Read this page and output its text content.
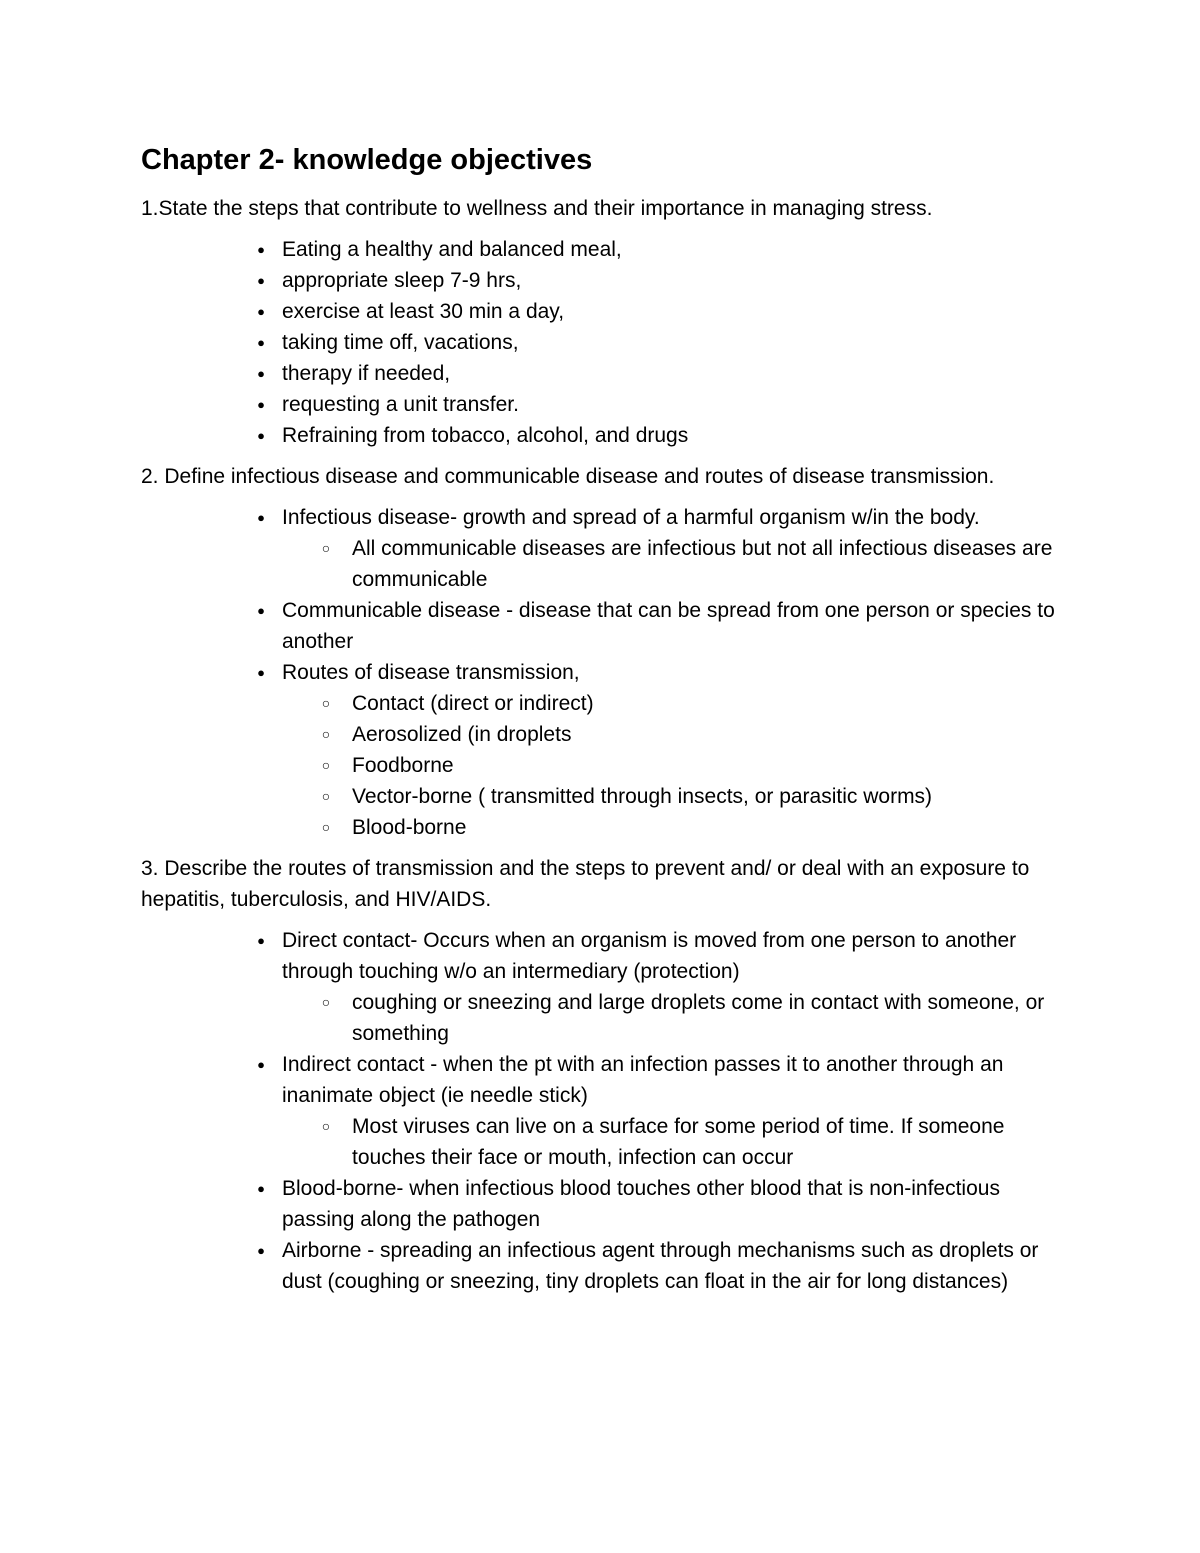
Chapter 2- knowledge objectives
1.State the steps that contribute to wellness and their importance in managing stress.
● Eating a healthy and balanced meal,
● appropriate sleep 7-9 hrs,
● exercise at least 30 min a day,
● taking time off, vacations,
● therapy if needed,
● requesting a unit transfer.
● Refraining from tobacco, alcohol, and drugs
2. Define infectious disease and communicable disease and routes of disease transmission.
● Infectious disease- growth and spread of a harmful organism w/in the body.
○ All communicable diseases are infectious but not all infectious diseases are communicable
● Communicable disease - disease that can be spread from one person or species to another
● Routes of disease transmission,
○ Contact (direct or indirect)
○ Aerosolized (in droplets
○ Foodborne
○ Vector-borne ( transmitted through insects, or parasitic worms)
○ Blood-borne
3. Describe the routes of transmission and the steps to prevent and/ or deal with an exposure to hepatitis, tuberculosis, and HIV/AIDS.
● Direct contact- Occurs when an organism is moved from one person to another through touching w/o an intermediary (protection)
○ coughing or sneezing and large droplets come in contact with someone, or something
● Indirect contact - when the pt with an infection passes it to another through an inanimate object (ie needle stick)
○ Most viruses can live on a surface for some period of time. If someone touches their face or mouth, infection can occur
● Blood-borne- when infectious blood touches other blood that is non-infectious passing along the pathogen
● Airborne - spreading an infectious agent through mechanisms such as droplets or dust (coughing or sneezing, tiny droplets can float in the air for long distances)
